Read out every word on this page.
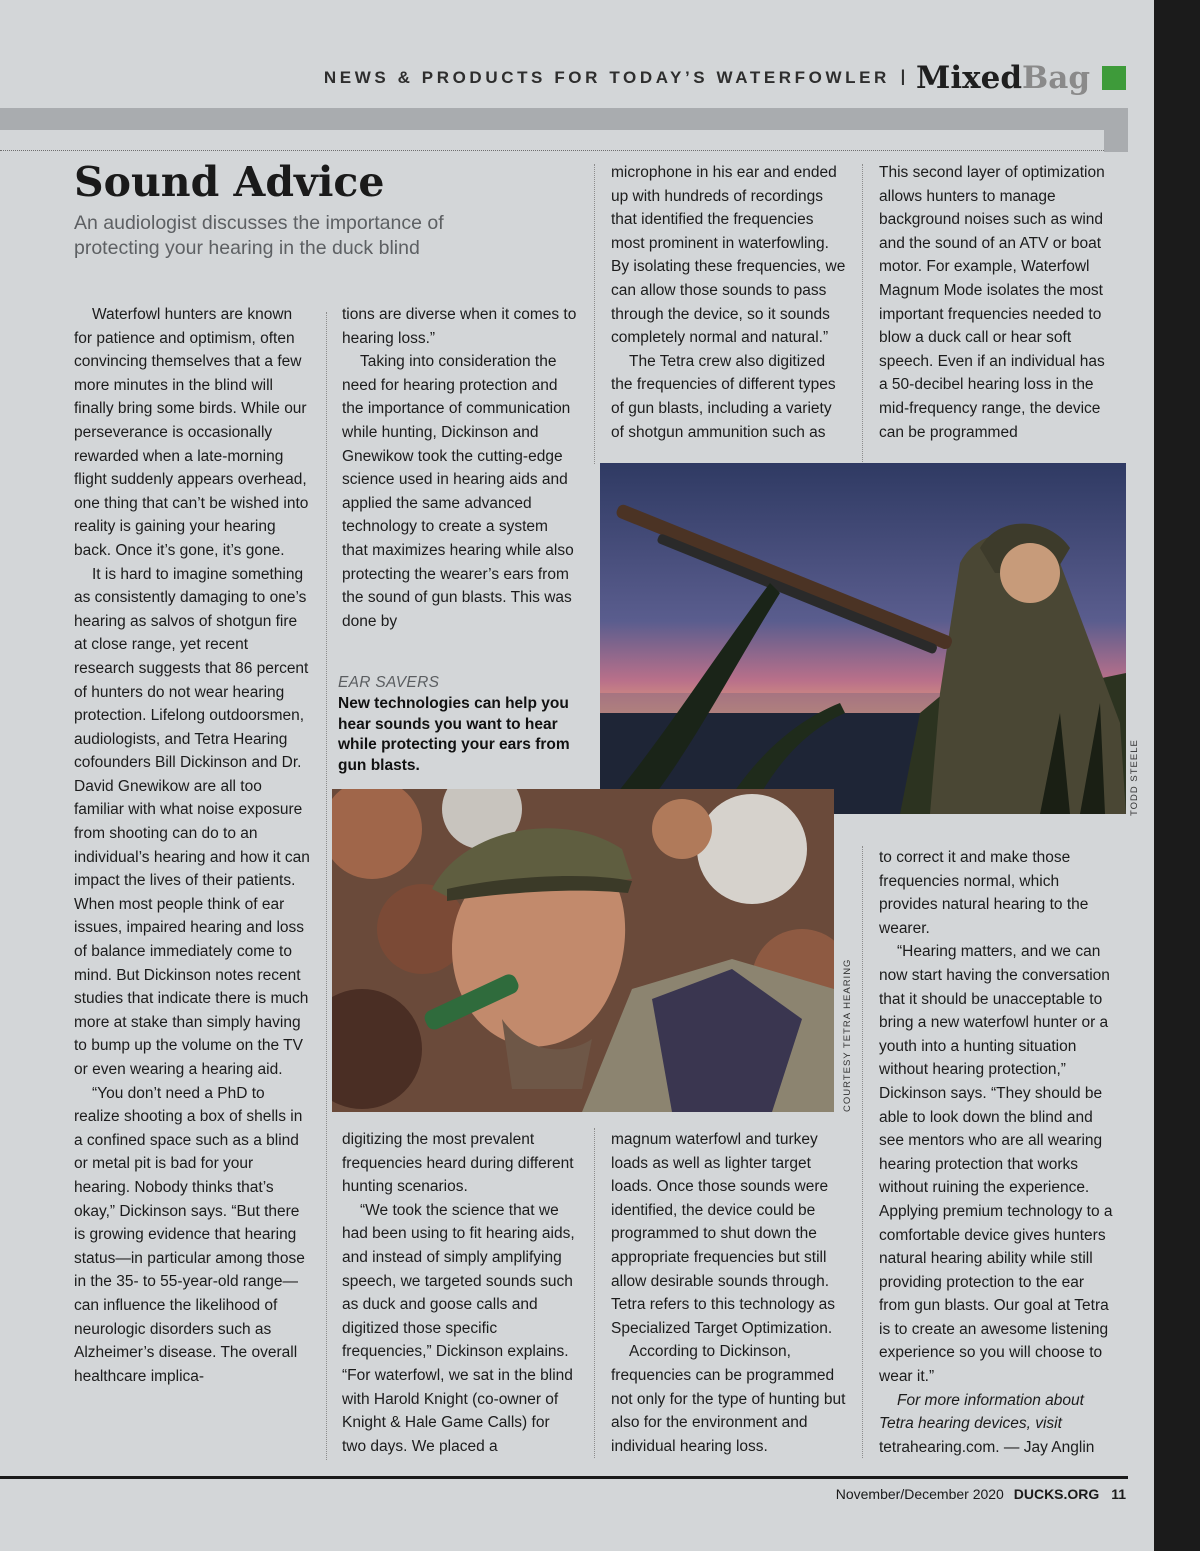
NEWS & PRODUCTS FOR TODAY’S WATERFOWLER I Mixed Bag
Sound Advice

An audiologist discusses the importance of protecting your hearing in the duck blind

Waterfowl hunters are known for patience and optimism, often convincing themselves that a few more minutes in the blind will finally bring some birds. While our perseverance is occasionally rewarded when a late-morning flight suddenly appears overhead, one thing that can’t be wished into reality is gaining your hearing back. Once it’s gone, it’s gone.

It is hard to imagine something as consistently damaging to one’s hearing as salvos of shotgun fire at close range, yet recent research suggests that 86 percent of hunters do not wear hearing protection. Lifelong outdoorsmen, audiologists, and Tetra Hearing cofounders Bill Dickinson and Dr. David Gnewikow are all too familiar with what noise exposure from shooting can do to an individual’s hearing and how it can impact the lives of their patients. When most people think of ear issues, impaired hearing and loss of balance immediately come to mind. But Dickinson notes recent studies that indicate there is much more at stake than simply having to bump up the volume on the TV or even wearing a hearing aid.

“You don’t need a PhD to realize shooting a box of shells in a confined space such as a blind or metal pit is bad for your hearing. Nobody thinks that’s okay,” Dickinson says. “But there is growing evidence that hearing status—in particular among those in the 35- to 55-year-old range—can influence the likelihood of neurologic disorders such as Alzheimer’s disease. The overall healthcare implica-

tions are diverse when it comes to hearing loss.”

Taking into consideration the need for hearing protection and the importance of communication while hunting, Dickinson and Gnewikow took the cutting-edge science used in hearing aids and applied the same advanced technology to create a system that maximizes hearing while also protecting the wearer’s ears from the sound of gun blasts. This was done by

EAR SAVERS

New technologies can help you hear sounds you want to hear while protecting your ears from gun blasts.

digitizing the most prevalent frequencies heard during different hunting scenarios.

“We took the science that we had been using to fit hearing aids, and instead of simply amplifying speech, we targeted sounds such as duck and goose calls and digitized those specific frequencies,” Dickinson explains. “For waterfowl, we sat in the blind with Harold Knight (co-owner of Knight & Hale Game Calls) for two days. We placed a

microphone in his ear and ended up with hundreds of recordings that identified the frequencies most prominent in waterfowling. By isolating these frequencies, we can allow those sounds to pass through the device, so it sounds completely normal and natural.”

The Tetra crew also digitized the frequencies of different types of gun blasts, including a variety of shotgun ammunition such as

magnum waterfowl and turkey loads as well as lighter target loads. Once those sounds were identified, the device could be programmed to shut down the appropriate frequencies but still allow desirable sounds through. Tetra refers to this technology as Specialized Target Optimization.

According to Dickinson, frequencies can be programmed not only for the type of hunting but also for the environment and individual hearing loss.

This second layer of optimization allows hunters to manage background noises such as wind and the sound of an ATV or boat motor. For example, Waterfowl Magnum Mode isolates the most important frequencies needed to blow a duck call or hear soft speech. Even if an individual has a 50-decibel hearing loss in the mid-frequency range, the device can be programmed

to correct it and make those frequencies normal, which provides natural hearing to the wearer.

“Hearing matters, and we can now start having the conversation that it should be unacceptable to bring a new waterfowl hunter or a youth into a hunting situation without hearing protection,” Dickinson says. “They should be able to look down the blind and see mentors who are all wearing hearing protection that works without ruining the experience. Applying premium technology to a comfortable device gives hunters natural hearing ability while still providing protection to the ear from gun blasts. Our goal at Tetra is to create an awesome listening experience so you will choose to wear it.”

For more information about Tetra hearing devices, visit tetrahearing.com. — Jay Anglin

TODD STEELE
COURTESY TETRA HEARING
November/December 2020 DUCKS.ORG 11
